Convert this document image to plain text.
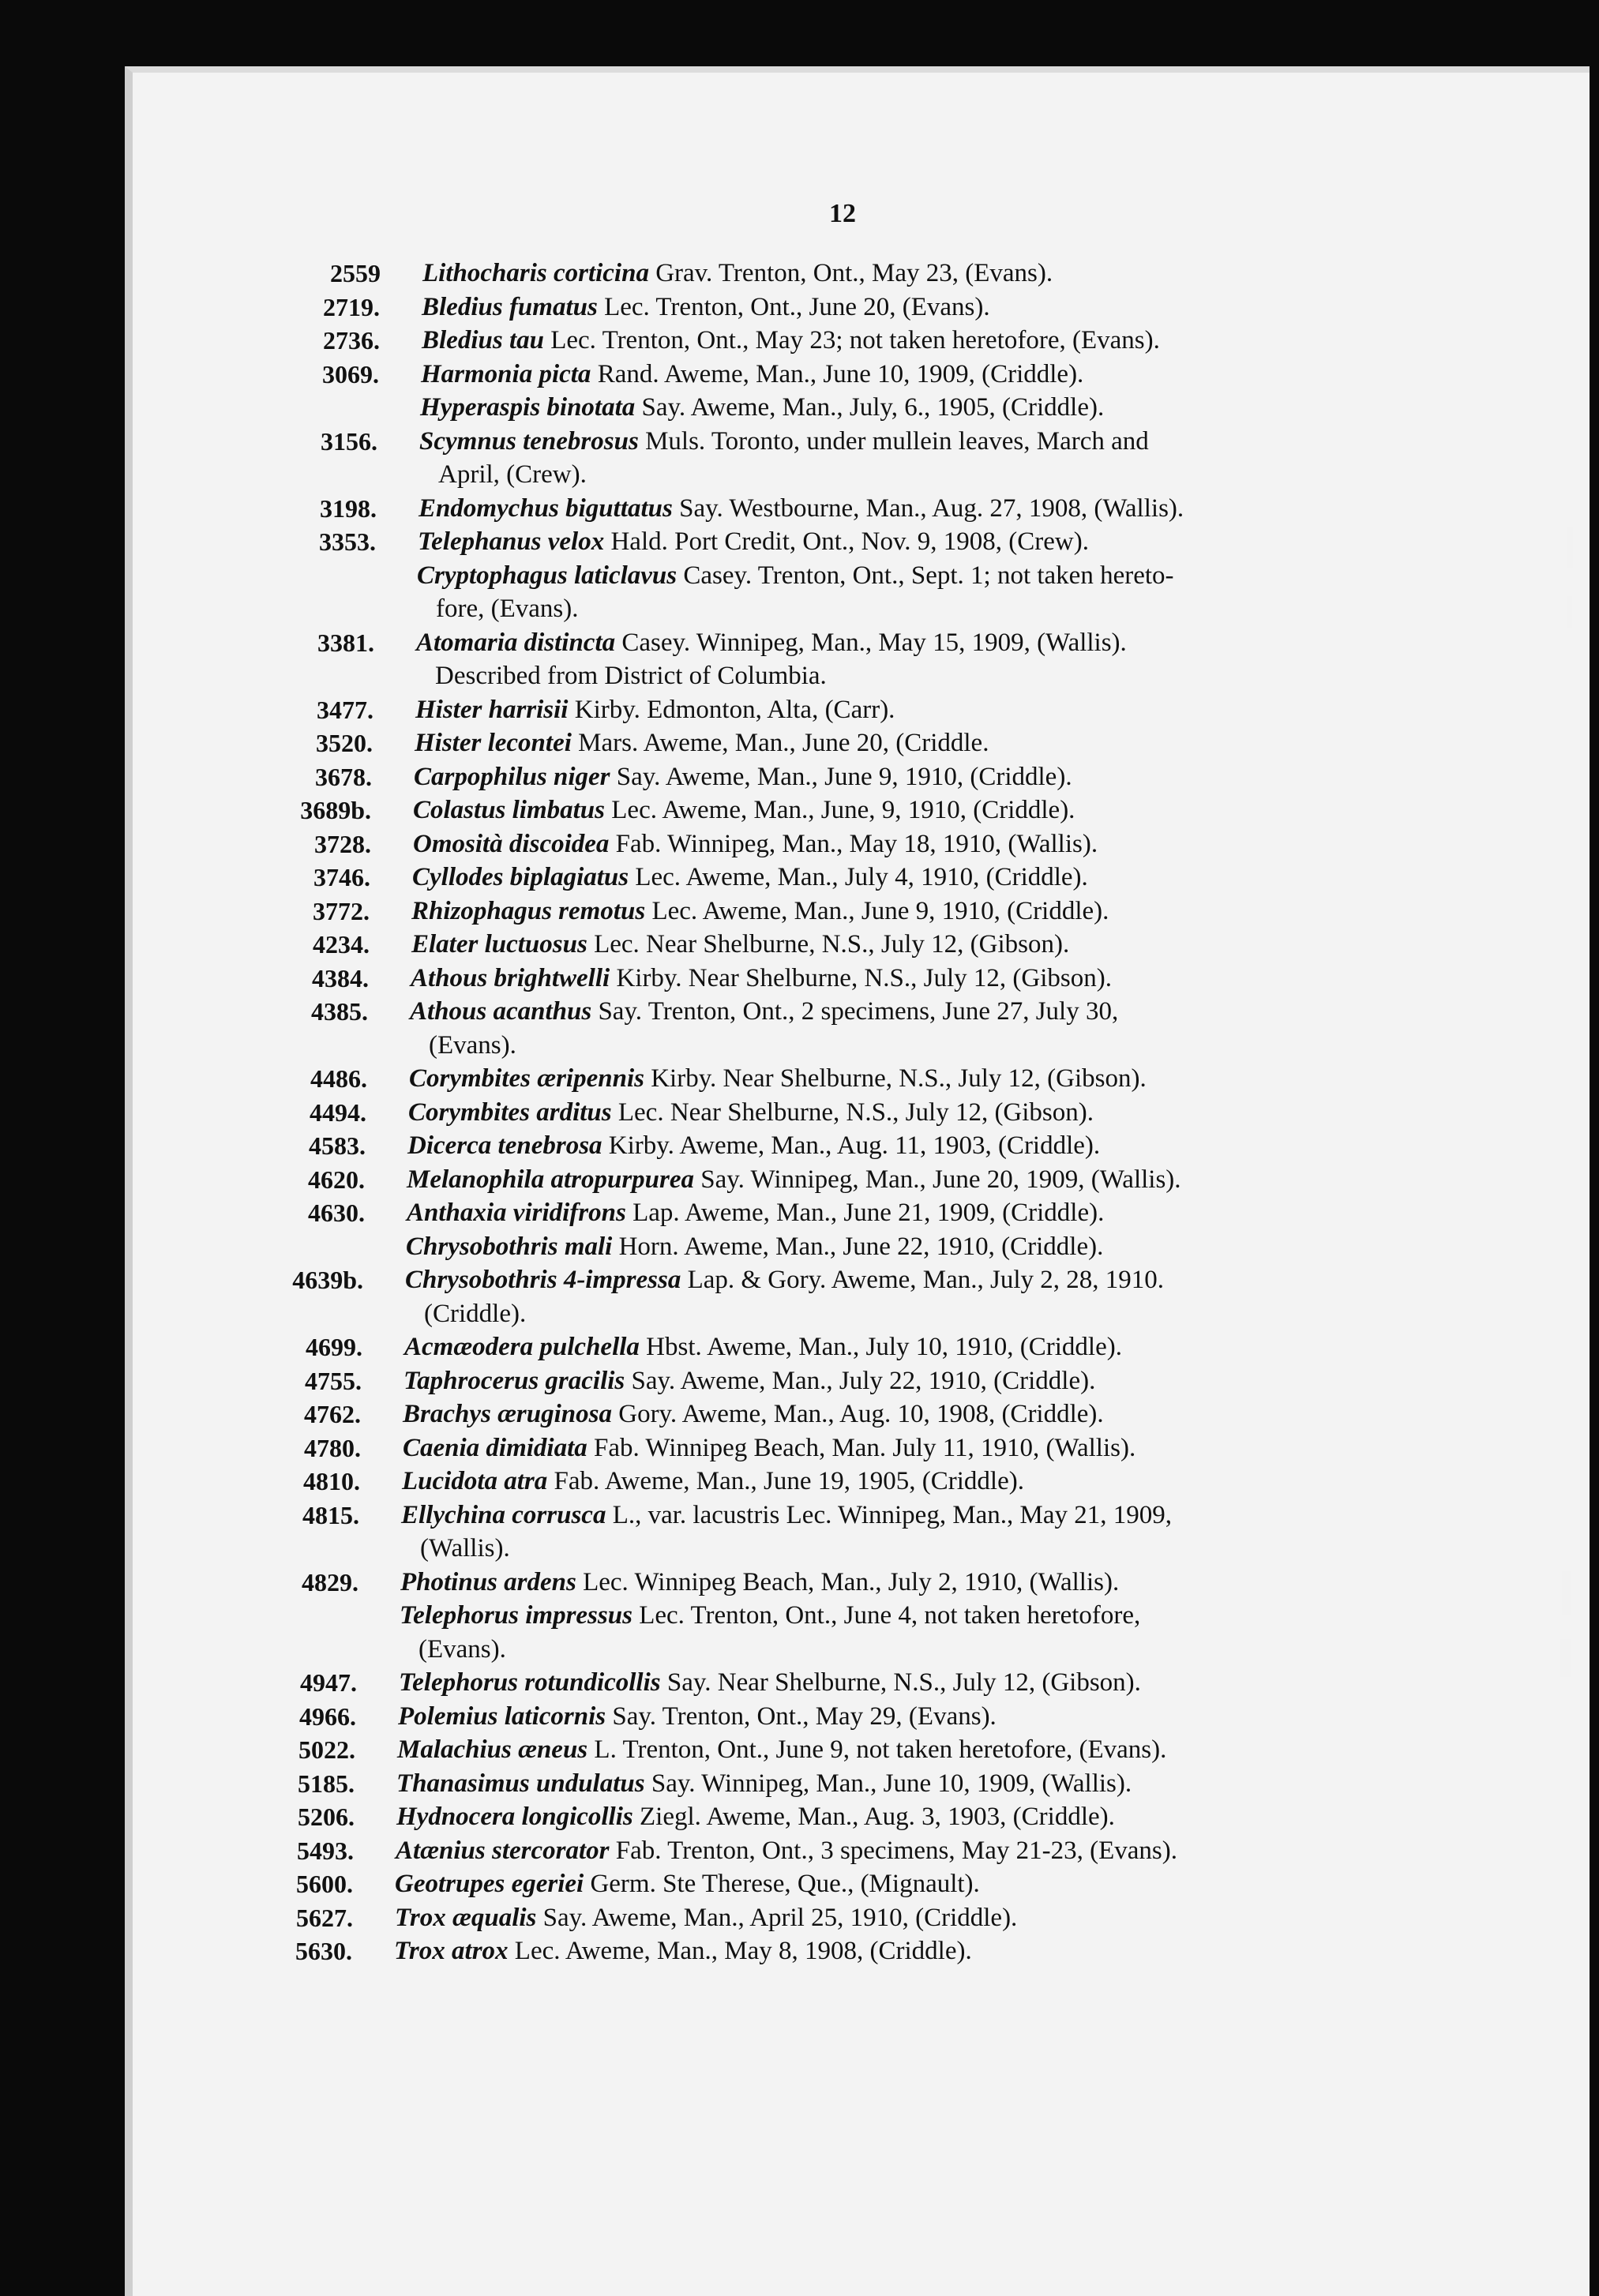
12
2559 Lithocharis corticina Grav. Trenton, Ont., May 23, (Evans).
2719. Bledius fumatus Lec. Trenton, Ont., June 20, (Evans).
2736. Bledius tau Lec. Trenton, Ont., May 23; not taken heretofore, (Evans).
3069. Harmonia picta Rand. Aweme, Man., June 10, 1909, (Criddle).
Hyperaspis binotata Say. Aweme, Man., July, 6., 1905, (Criddle).
3156. Scymnus tenebrosus Muls. Toronto, under mullein leaves, March and
April, (Crew).
3198. Endomychus biguttatus Say. Westbourne, Man., Aug. 27, 1908, (Wallis).
3353. Telephanus velox Hald. Port Credit, Ont., Nov. 9, 1908, (Crew).
Cryptophagus laticlavus Casey. Trenton, Ont., Sept. 1; not taken hereto-
fore, (Evans).
3381. Atomaria distincta Casey. Winnipeg, Man., May 15, 1909, (Wallis).
Described from District of Columbia.
3477. Hister harrisii Kirby. Edmonton, Alta, (Carr).
3520. Hister lecontei Mars. Aweme, Man., June 20, (Criddle.
3678. Carpophilus niger Say. Aweme, Man., June 9, 1910, (Criddle).
3689b. Colastus limbatus Lec. Aweme, Man., June, 9, 1910, (Criddle).
3728. Omosità discoidea Fab. Winnipeg, Man., May 18, 1910, (Wallis).
3746. Cyllodes biplagiatus Lec. Aweme, Man., July 4, 1910, (Criddle).
3772. Rhizophagus remotus Lec. Aweme, Man., June 9, 1910, (Criddle).
4234. Elater luctuosus Lec. Near Shelburne, N.S., July 12, (Gibson).
4384. Athous brightwelli Kirby. Near Shelburne, N.S., July 12, (Gibson).
4385. Athous acanthus Say. Trenton, Ont., 2 specimens, June 27, July 30,
(Evans).
4486. Corymbites æripennis Kirby. Near Shelburne, N.S., July 12, (Gibson).
4494. Corymbites arditus Lec. Near Shelburne, N.S., July 12, (Gibson).
4583. Dicerca tenebrosa Kirby. Aweme, Man., Aug. 11, 1903, (Criddle).
4620. Melanophila atropurpurea Say. Winnipeg, Man., June 20, 1909, (Wallis).
4630. Anthaxia viridifrons Lap. Aweme, Man., June 21, 1909, (Criddle).
Chrysobothris mali Horn. Aweme, Man., June 22, 1910, (Criddle).
4639b. Chrysobothris 4-impressa Lap. & Gory. Aweme, Man., July 2, 28, 1910.
(Criddle).
4699. Acmæodera pulchella Hbst. Aweme, Man., July 10, 1910, (Criddle).
4755. Taphrocerus gracilis Say. Aweme, Man., July 22, 1910, (Criddle).
4762. Brachys æruginosa Gory. Aweme, Man., Aug. 10, 1908, (Criddle).
4780. Caenia dimidiata Fab. Winnipeg Beach, Man. July 11, 1910, (Wallis).
4810. Lucidota atra Fab. Aweme, Man., June 19, 1905, (Criddle).
4815. Ellychina corrusca L., var. lacustris Lec. Winnipeg, Man., May 21, 1909,
(Wallis).
4829. Photinus ardens Lec. Winnipeg Beach, Man., July 2, 1910, (Wallis).
Telephorus impressus Lec. Trenton, Ont., June 4, not taken heretofore,
(Evans).
4947. Telephorus rotundicollis Say. Near Shelburne, N.S., July 12, (Gibson).
4966. Polemius laticornis Say. Trenton, Ont., May 29, (Evans).
5022. Malachius æneus L. Trenton, Ont., June 9, not taken heretofore, (Evans).
5185. Thanasimus undulatus Say. Winnipeg, Man., June 10, 1909, (Wallis).
5206. Hydnocera longicollis Ziegl. Aweme, Man., Aug. 3, 1903, (Criddle).
5493. Atænius stercorator Fab. Trenton, Ont., 3 specimens, May 21-23, (Evans).
5600. Geotrupes egeriei Germ. Ste Therese, Que., (Mignault).
5627. Trox æqualis Say. Aweme, Man., April 25, 1910, (Criddle).
5630. Trox atrox Lec. Aweme, Man., May 8, 1908, (Criddle).
